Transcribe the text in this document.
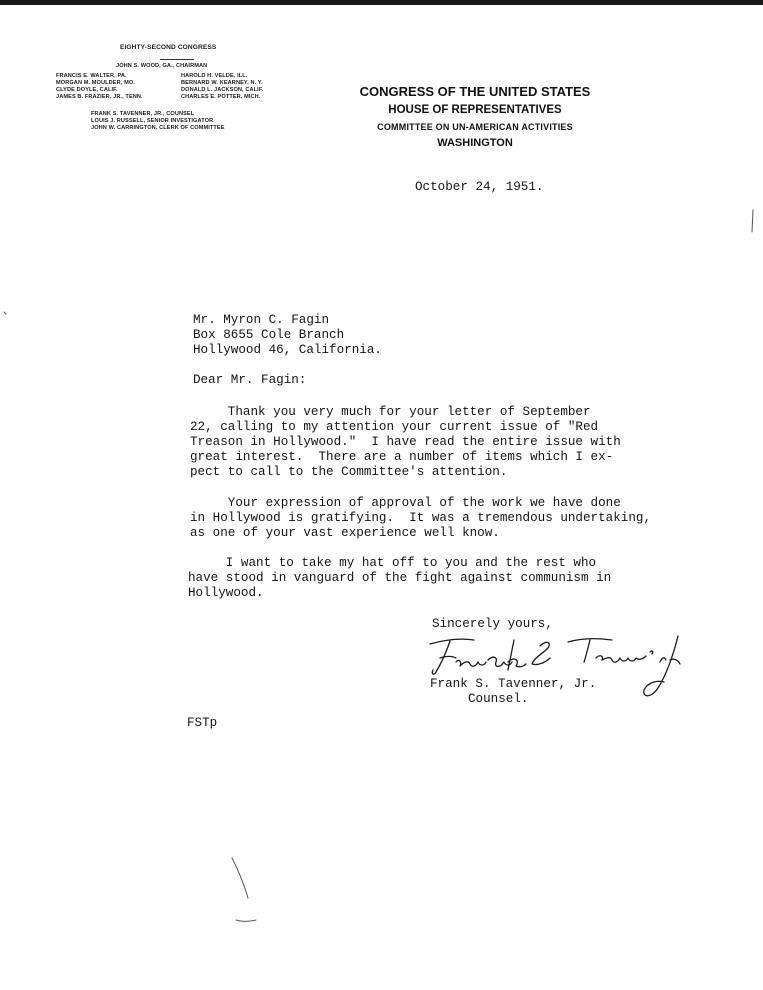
EIGHTY-SECOND CONGRESS
JOHN S. WOOD, GA., CHAIRMAN
FRANCIS E. WALTER, PA.
MORGAN M. MOULDER, MO.
CLYDE DOYLE, CALIF.
JAMES B. FRAZIER, JR., TENN.
HAROLD H. VELDE, ILL.
BERNARD W. KEARNEY, N. Y.
DONALD L. JACKSON, CALIF.
CHARLES E. POTTER, MICH.
FRANK S. TAVENNER, JR., COUNSEL
LOUIS J. RUSSELL, SENIOR INVESTIGATOR
JOHN W. CARRINGTON, CLERK OF COMMITTEE
CONGRESS OF THE UNITED STATES
HOUSE OF REPRESENTATIVES
COMMITTEE ON UN-AMERICAN ACTIVITIES
WASHINGTON
October 24, 1951.
Mr. Myron C. Fagin
Box 8655 Cole Branch
Hollywood 46, California.
Dear Mr. Fagin:
Thank you very much for your letter of September
22, calling to my attention your current issue of "Red
Treason in Hollywood."  I have read the entire issue with
great interest.  There are a number of items which I ex-
pect to call to the Committee's attention.
Your expression of approval of the work we have done
in Hollywood is gratifying.  It was a tremendous undertaking,
as one of your vast experience well know.
I want to take my hat off to you and the rest who
have stood in vanguard of the fight against communism in
Hollywood.
Sincerely yours,
Frank S. Tavenner, Jr.
Counsel.
FSTp
